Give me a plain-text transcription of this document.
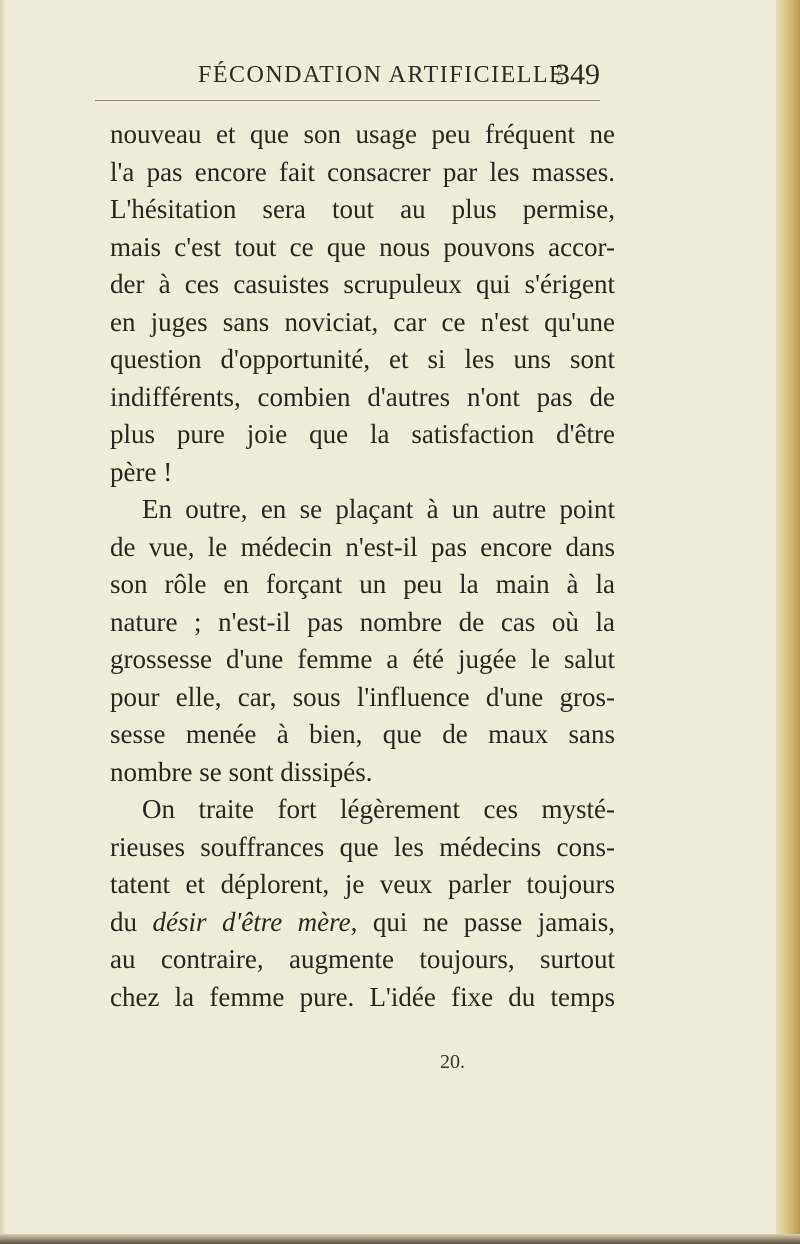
FÉCONDATION ARTIFICIELLE
349
nouveau et que son usage peu fréquent ne
l'a pas encore fait consacrer par les masses.
L'hésitation sera tout au plus permise,
mais c'est tout ce que nous pouvons accor-
der à ces casuistes scrupuleux qui s'érigent
en juges sans noviciat, car ce n'est qu'une
question d'opportunité, et si les uns sont
indifférents, combien d'autres n'ont pas de
plus pure joie que la satisfaction d'être
père !
En outre, en se plaçant à un autre point
de vue, le médecin n'est-il pas encore dans
son rôle en forçant un peu la main à la
nature ; n'est-il pas nombre de cas où la
grossesse d'une femme a été jugée le salut
pour elle, car, sous l'influence d'une gros-
sesse menée à bien, que de maux sans
nombre se sont dissipés.
On traite fort légèrement ces mysté-
rieuses souffrances que les médecins cons-
tatent et déplorent, je veux parler toujours
du désir d'être mère, qui ne passe jamais,
au contraire, augmente toujours, surtout
chez la femme pure. L'idée fixe du temps
20.
